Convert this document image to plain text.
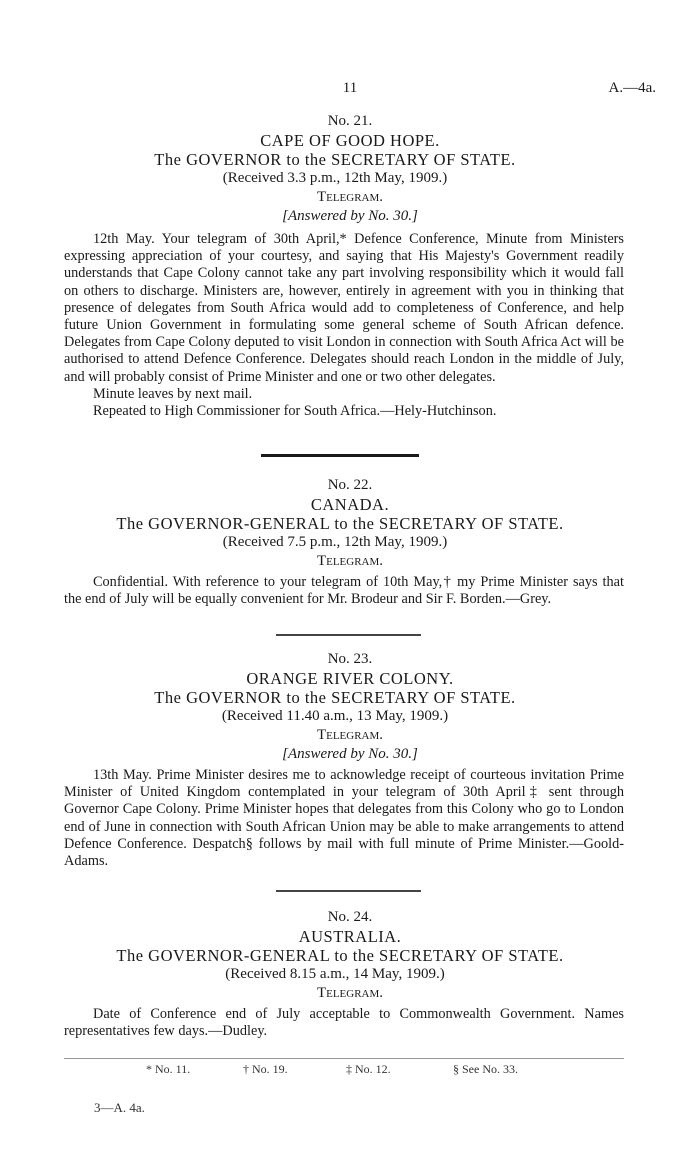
11	A.—4a.

No. 21.

CAPE OF GOOD HOPE.

The GOVERNOR to the SECRETARY OF STATE.

(Received 3.3 p.m., 12th May, 1909.)

Telegram.

[Answered by No. 30.]

12th May. Your telegram of 30th April,* Defence Conference, Minute from Ministers expressing appreciation of your courtesy, and saying that His Majesty's Government readily understands that Cape Colony cannot take any part involving responsibility which it would fall on others to discharge. Ministers are, however, entirely in agreement with you in thinking that presence of delegates from South Africa would add to completeness of Conference, and help future Union Government in formulating some general scheme of South African defence. Delegates from Cape Colony deputed to visit London in connection with South Africa Act will be authorised to attend Defence Conference. Delegates should reach London in the middle of July, and will probably consist of Prime Minister and one or two other delegates.

Minute leaves by next mail.

Repeated to High Commissioner for South Africa.—Hely-Hutchinson.

No. 22.

CANADA.

The GOVERNOR-GENERAL to the SECRETARY OF STATE.

(Received 7.5 p.m., 12th May, 1909.)

Telegram.

Confidential. With reference to your telegram of 10th May,† my Prime Minister says that the end of July will be equally convenient for Mr. Brodeur and Sir F. Borden.—Grey.

No. 23.

ORANGE RIVER COLONY.

The GOVERNOR to the SECRETARY OF STATE.

(Received 11.40 a.m., 13 May, 1909.)

Telegram.

[Answered by No. 30.]

13th May. Prime Minister desires me to acknowledge receipt of courteous invitation Prime Minister of United Kingdom contemplated in your telegram of 30th April‡ sent through Governor Cape Colony. Prime Minister hopes that delegates from this Colony who go to London end of June in connection with South African Union may be able to make arrangements to attend Defence Conference. Despatch§ follows by mail with full minute of Prime Minister.—Goold-Adams.

No. 24.

AUSTRALIA.

The GOVERNOR-GENERAL to the SECRETARY OF STATE.

(Received 8.15 a.m., 14 May, 1909.)

Telegram.

Date of Conference end of July acceptable to Commonwealth Government. Names representatives few days.—Dudley.

* No. 11.	† No. 19.	‡ No. 12.	§ See No. 33.
3—A. 4a.
